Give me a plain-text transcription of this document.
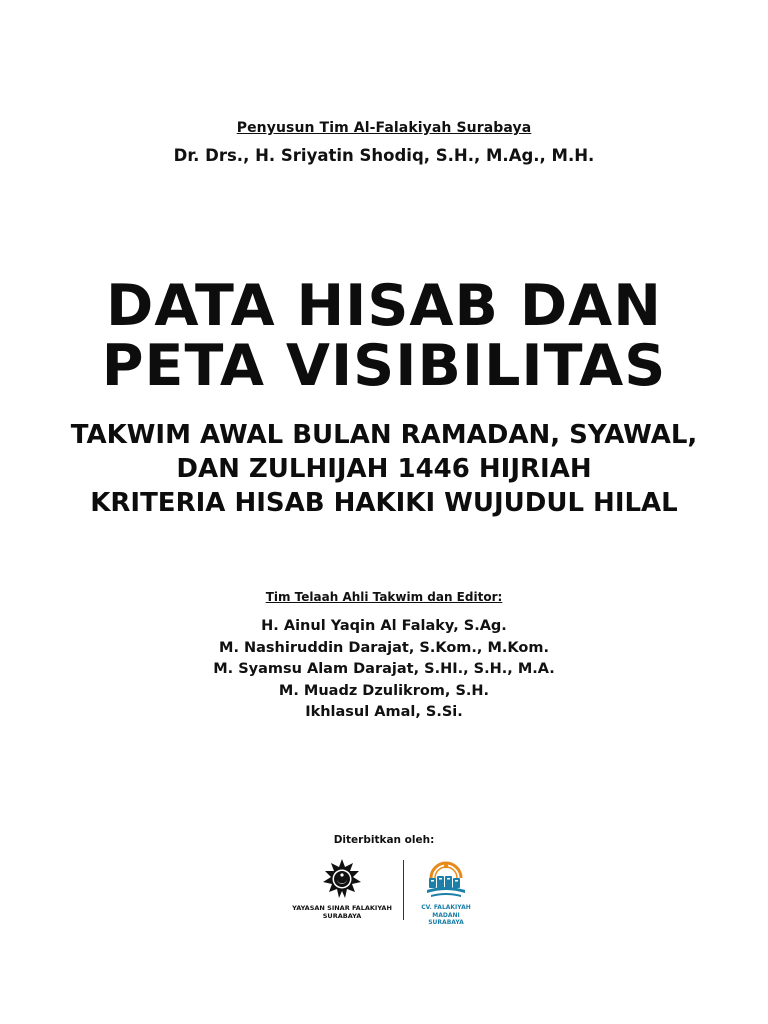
Penyusun Tim Al-Falakiyah Surabaya
Dr. Drs., H. Sriyatin Shodiq, S.H., M.Ag., M.H.
DATA HISAB DAN
PETA VISIBILITAS
TAKWIM AWAL BULAN RAMADAN, SYAWAL,
DAN ZULHIJAH 1446 HIJRIAH
KRITERIA HISAB HAKIKI WUJUDUL HILAL
Tim Telaah Ahli Takwim dan Editor:
H. Ainul Yaqin Al Falaky, S.Ag.
M. Nashiruddin Darajat, S.Kom., M.Kom.
M. Syamsu Alam Darajat, S.HI., S.H., M.A.
M. Muadz Dzulikrom, S.H.
Ikhlasul Amal, S.Si.
Diterbitkan oleh:
YAYASAN SINAR FALAKIYAH
SURABAYA
CV. FALAKIYAH MADANI
SURABAYA
